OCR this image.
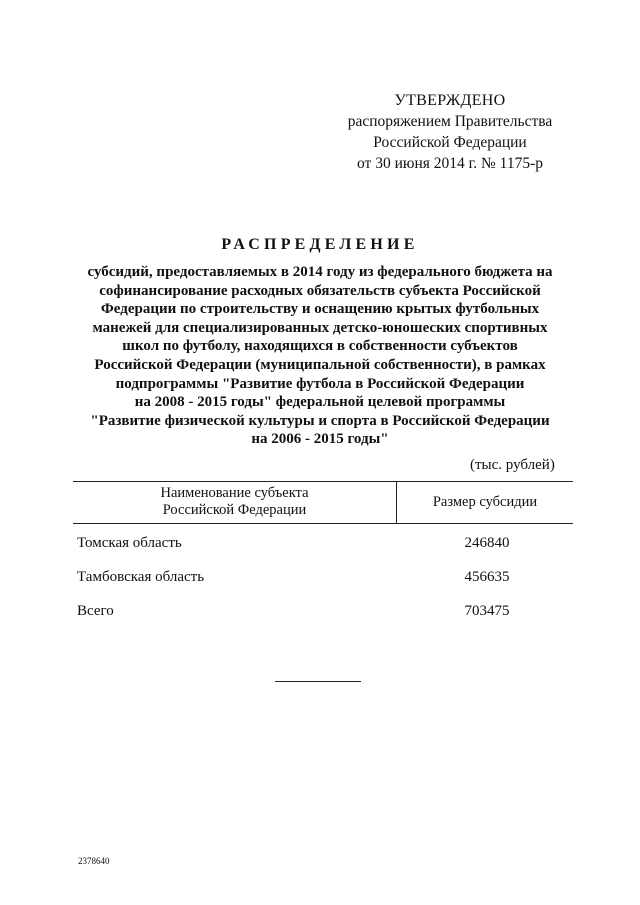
УТВЕРЖДЕНО
распоряжением Правительства
Российской Федерации
от 30 июня 2014 г. № 1175-р
РАСПРЕДЕЛЕНИЕ
субсидий, предоставляемых в 2014 году из федерального бюджета на
софинансирование расходных обязательств субъекта Российской
Федерации по строительству и оснащению крытых футбольных
манежей для специализированных детско-юношеских спортивных
школ по футболу, находящихся в собственности субъектов
Российской Федерации (муниципальной собственности), в рамках
подпрограммы "Развитие футбола в Российской Федерации
на 2008 - 2015 годы" федеральной целевой программы
"Развитие физической культуры и спорта в Российской Федерации
на 2006 - 2015 годы"
(тыс. рублей)
Наименование субъекта
Российской Федерации	Размер субсидии
Томская область	246840
Тамбовская область	456635
Всего	703475
2378640
